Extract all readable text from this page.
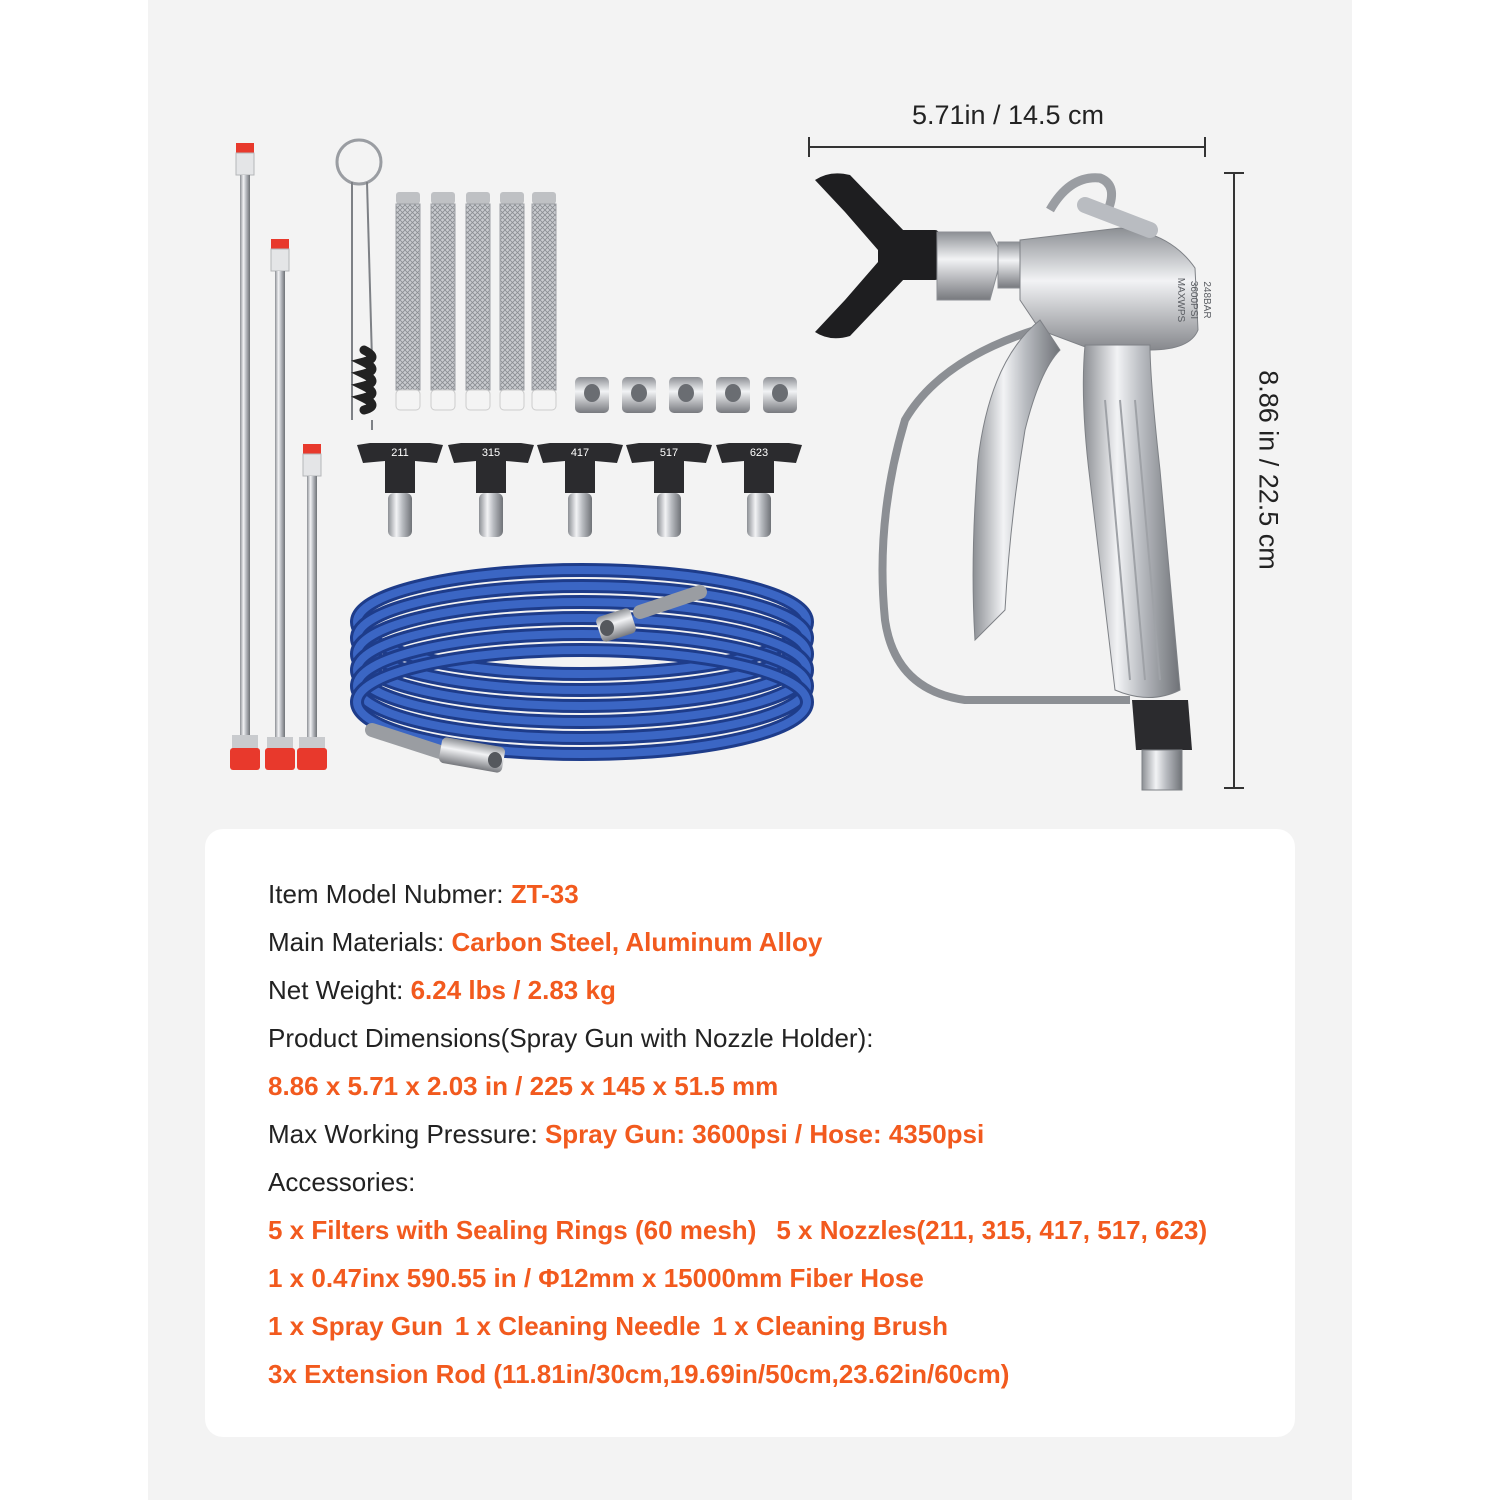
211	315	417	517	623
MAXWPS 3600PSI 248BAR
5.71in / 14.5 cm
8.86 in / 22.5 cm
Item Model Nubmer: ZT-33
Main Materials: Carbon Steel, Aluminum Alloy
Net Weight: 6.24 lbs / 2.83 kg
Product Dimensions(Spray Gun with Nozzle Holder):
8.86 x 5.71 x 2.03 in / 225 x 145 x 51.5 mm
Max Working Pressure: Spray Gun: 3600psi / Hose: 4350psi
Accessories:
5 x Filters with Sealing Rings (60 mesh) 5 x Nozzles(211, 315, 417, 517, 623)
1 x 0.47inx 590.55 in / Φ12mm x 15000mm Fiber Hose
1 x Spray Gun 1 x Cleaning Needle 1 x Cleaning Brush
3x Extension Rod (11.81in/30cm,19.69in/50cm,23.62in/60cm)
